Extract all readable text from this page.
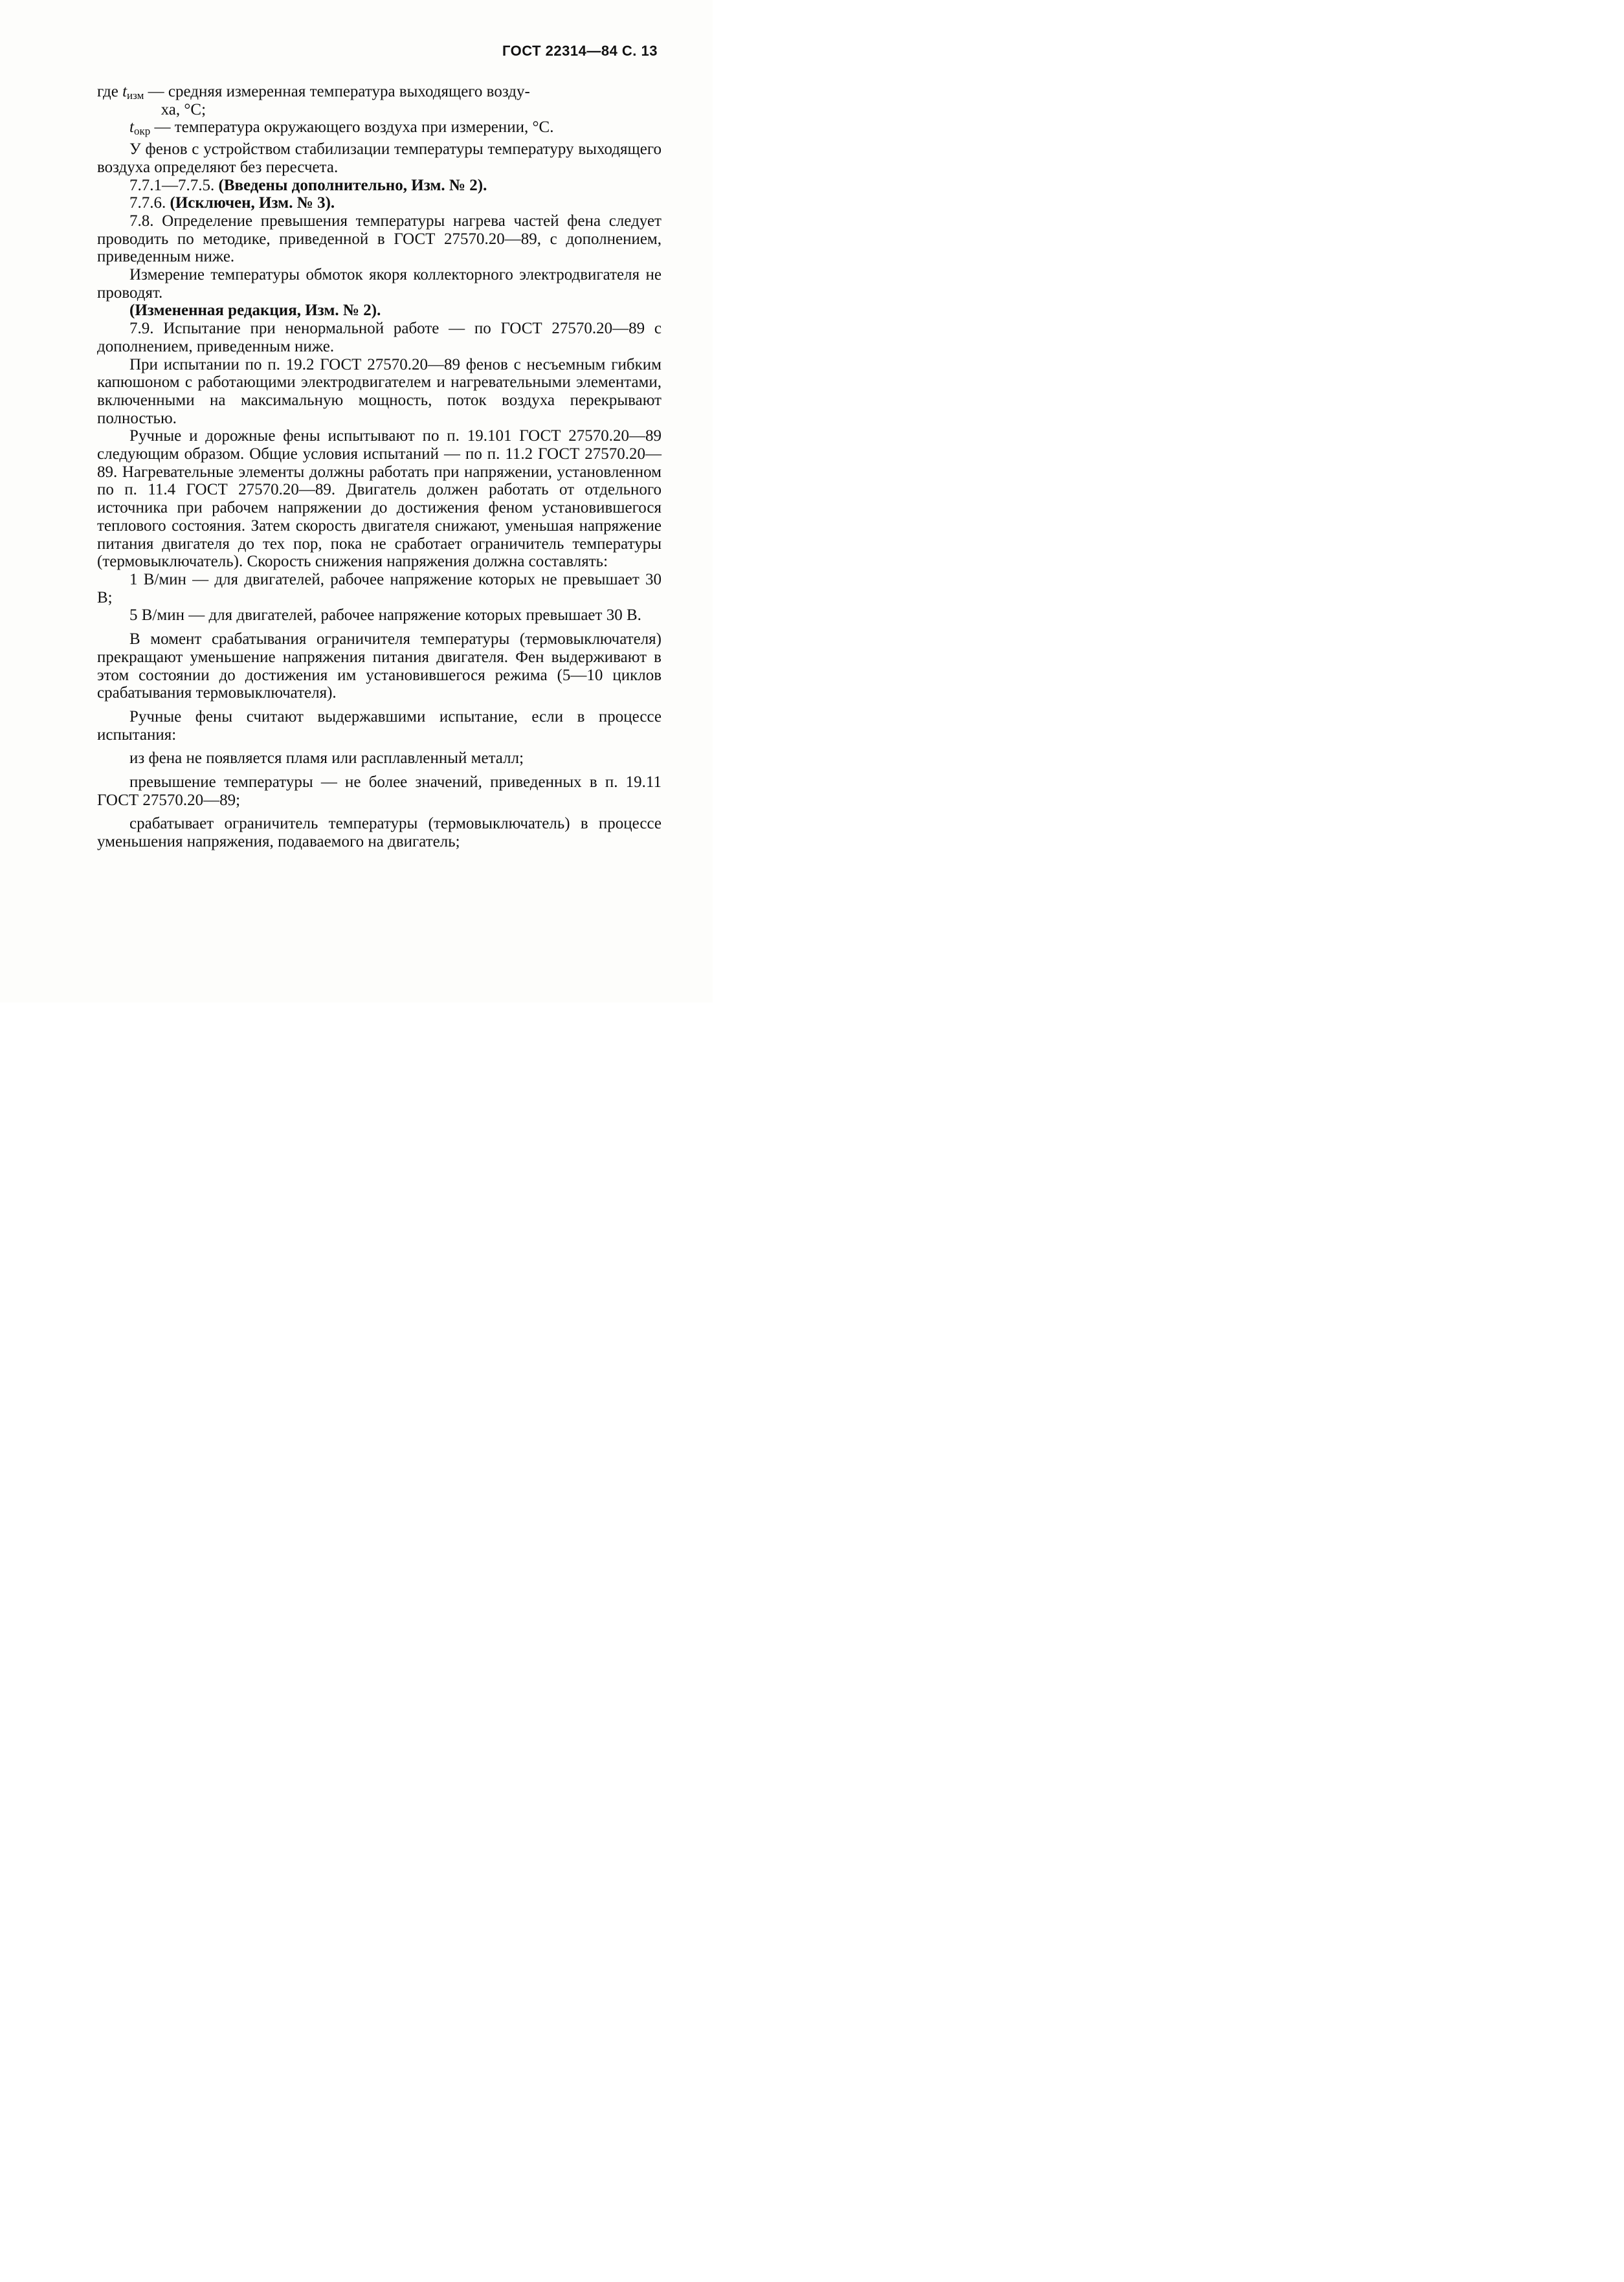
ГОСТ 22314—84 С. 13
где $t_{изм}$ — средняя измеренная температура выходящего возду-
ха, °С;
$t_{окр}$ — температура окружающего воздуха при измерении, °С.

У фенов с устройством стабилизации температуры температуру выходящего воздуха определяют без пересчета.

7.7.1—7.7.5. (Введены дополнительно, Изм. № 2).

7.7.6. (Исключен, Изм. № 3).

7.8. Определение превышения температуры нагрева частей фена следует проводить по методике, приведенной в ГОСТ 27570.20—89, с дополнением, приведенным ниже.

Измерение температуры обмоток якоря коллекторного электродвигателя не проводят.

(Измененная редакция, Изм. № 2).

7.9. Испытание при ненормальной работе — по ГОСТ 27570.20—89 с дополнением, приведенным ниже.

При испытании по п. 19.2 ГОСТ 27570.20—89 фенов с несъемным гибким капюшоном с работающими электродвигателем и нагревательными элементами, включенными на максимальную мощность, поток воздуха перекрывают полностью.

Ручные и дорожные фены испытывают по п. 19.101 ГОСТ 27570.20—89 следующим образом. Общие условия испытаний — по п. 11.2 ГОСТ 27570.20—89. Нагревательные элементы должны работать при напряжении, установленном по п. 11.4 ГОСТ 27570.20—89. Двигатель должен работать от отдельного источника при рабочем напряжении до достижения феном установившегося теплового состояния. Затем скорость двигателя снижают, уменьшая напряжение питания двигателя до тех пор, пока не сработает ограничитель температуры (термовыключатель). Скорость снижения напряжения должна составлять:

1 В/мин — для двигателей, рабочее напряжение которых не превышает 30 В;

5 В/мин — для двигателей, рабочее напряжение которых превышает 30 В.

В момент срабатывания ограничителя температуры (термовыключателя) прекращают уменьшение напряжения питания двигателя. Фен выдерживают в этом состоянии до достижения им установившегося режима (5—10 циклов срабатывания термовыключателя).

Ручные фены считают выдержавшими испытание, если в процессе испытания:

из фена не появляется пламя или расплавленный металл;

превышение температуры — не более значений, приведенных в п. 19.11 ГОСТ 27570.20—89;

срабатывает ограничитель температуры (термовыключатель) в процессе уменьшения напряжения, подаваемого на двигатель;
